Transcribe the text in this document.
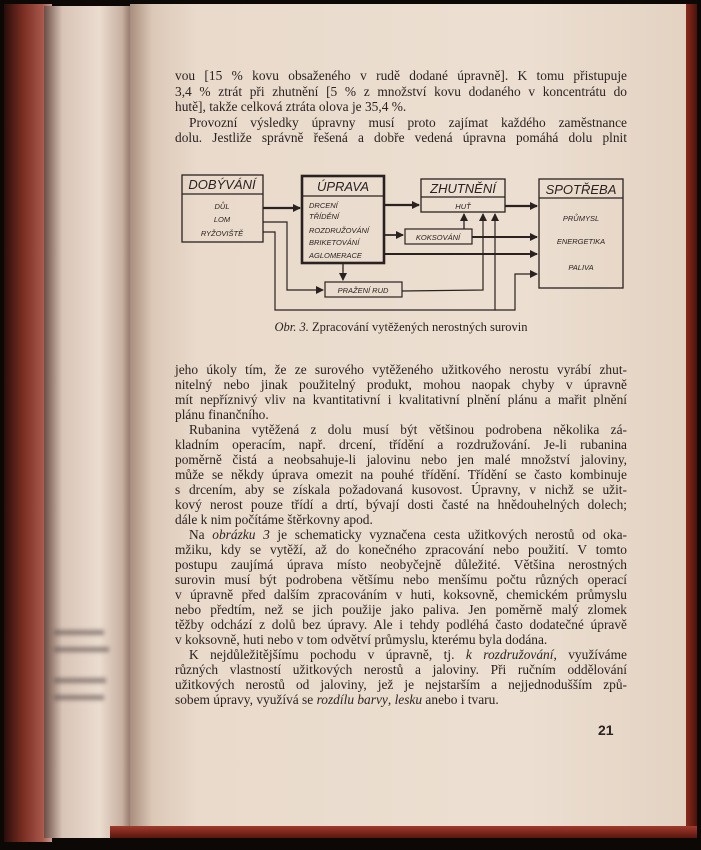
vou [15 % kovu obsaženého v rudě dodané úpravně]. K tomu přistupuje
3,4 % ztrát při zhutnění [5 % z množství kovu dodaného v koncentrátu do
hutě], takže celková ztráta olova je 35,4 %.
Provozní výsledky úpravny musí proto zajímat každého zaměstnance
dolu. Jestliže správně řešená a dobře vedená úpravna pomáhá dolu plnit
DOBÝVÁNÍ	ÚPRAVA	ZHUTNĚNÍ	SPOTŘEBA
DŮL
LOM
RYŽOVIŠTĚ
DRCENÍ
TŘÍDĚNÍ
ROZDRUŽOVÁNÍ
BRIKETOVÁNÍ
AGLOMERACE
HUŤ
PRŮMYSL
ENERGETIKA
PALIVA
KOKSOVÁNÍ
PRAŽENÍ RUD
Obr. 3. Zpracování vytěžených nerostných surovin
jeho úkoly tím, že ze surového vytěženého užitkového nerostu vyrábí zhut-
nitelný nebo jinak použitelný produkt, mohou naopak chyby v úpravně
mít nepříznivý vliv na kvantitativní i kvalitativní plnění plánu a mařit plnění
plánu finančního.
Rubanina vytěžená z dolu musí být většinou podrobena několika zá-
kladním operacím, např. drcení, třídění a rozdružování. Je-li rubanina
poměrně čistá a neobsahuje-li jalovinu nebo jen malé množství jaloviny,
může se někdy úprava omezit na pouhé třídění. Třídění se často kombinuje
s drcením, aby se získala požadovaná kusovost. Úpravny, v nichž se užit-
kový nerost pouze třídí a drtí, bývají dosti časté na hnědouhelných dolech;
dále k nim počítáme štěrkovny apod.
Na obrázku 3 je schematicky vyznačena cesta užitkových nerostů od oka-
mžiku, kdy se vytěží, až do konečného zpracování nebo použití. V tomto
postupu zaujímá úprava místo neobyčejně důležité. Většina nerostných
surovin musí být podrobena většímu nebo menšímu počtu různých operací
v úpravně před dalším zpracováním v huti, koksovně, chemickém průmyslu
nebo předtím, než se jich použije jako paliva. Jen poměrně malý zlomek
těžby odchází z dolů bez úpravy. Ale i tehdy podléhá často dodatečné úpravě
v koksovně, huti nebo v tom odvětví průmyslu, kterému byla dodána.
K nejdůležitějšímu pochodu v úpravně, tj. k rozdružování, využíváme
různých vlastností užitkových nerostů a jaloviny. Při ručním oddělování
užitkových nerostů od jaloviny, jež je nejstarším a nejjednodušším způ-
sobem úpravy, využívá se rozdílu barvy, lesku anebo i tvaru.
21
